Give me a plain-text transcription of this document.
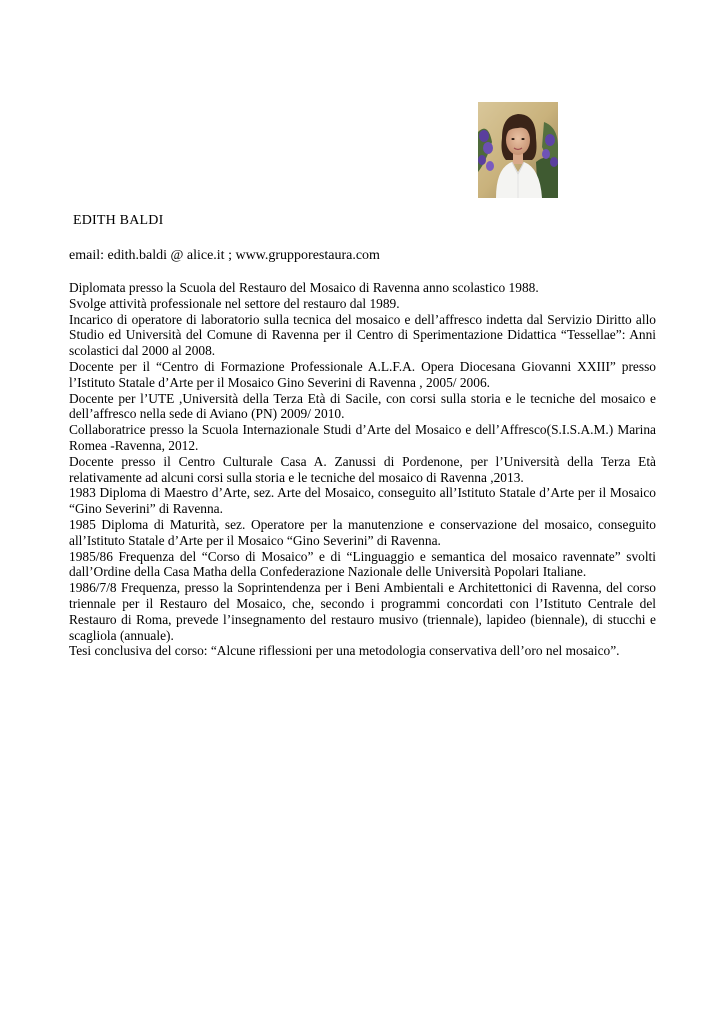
EDITH BALDI
email: edith.baldi @ alice.it ; www.grupporestaura.com

Diplomata presso la Scuola del Restauro del Mosaico di Ravenna anno scolastico 1988.

Svolge attività professionale nel settore del restauro dal 1989.

Incarico di operatore di laboratorio sulla tecnica del mosaico e dell’affresco indetta dal Servizio Diritto allo Studio ed Università del Comune di Ravenna per il Centro di Sperimentazione Didattica “Tessellae”: Anni scolastici dal 2000 al 2008.

Docente per il “Centro di Formazione Professionale A.L.F.A. Opera Diocesana Giovanni XXIII” presso l’Istituto Statale d’Arte per il Mosaico Gino Severini di Ravenna , 2005/ 2006.

Docente per l’UTE ,Università della Terza Età di Sacile, con corsi sulla storia e le tecniche del mosaico e dell’affresco nella sede di Aviano (PN) 2009/ 2010.

Collaboratrice presso la Scuola Internazionale Studi d’Arte del Mosaico e dell’Affresco(S.I.S.A.M.) Marina Romea -Ravenna, 2012.

Docente presso il Centro Culturale Casa A. Zanussi di Pordenone, per l’Università della Terza Età relativamente ad alcuni corsi sulla storia e le tecniche del mosaico di Ravenna ,2013.

1983 Diploma di Maestro d’Arte, sez. Arte del Mosaico, conseguito all’Istituto Statale d’Arte per il Mosaico “Gino Severini” di Ravenna.

1985 Diploma di Maturità, sez. Operatore per la manutenzione e conservazione del mosaico, conseguito all’Istituto Statale d’Arte per il Mosaico “Gino Severini” di Ravenna.

1985/86 Frequenza del “Corso di Mosaico” e di “Linguaggio e semantica del mosaico ravennate” svolti dall’Ordine della Casa Matha della Confederazione Nazionale delle Università Popolari Italiane.

1986/7/8 Frequenza, presso la Soprintendenza per i Beni Ambientali e Architettonici di Ravenna, del corso triennale per il Restauro del Mosaico, che, secondo i programmi concordati con l’Istituto Centrale del Restauro di Roma, prevede l’insegnamento del restauro musivo (triennale), lapideo (biennale), di stucchi e scagliola (annuale).

Tesi conclusiva del corso: “Alcune riflessioni per una metodologia conservativa dell’oro nel mosaico”.
